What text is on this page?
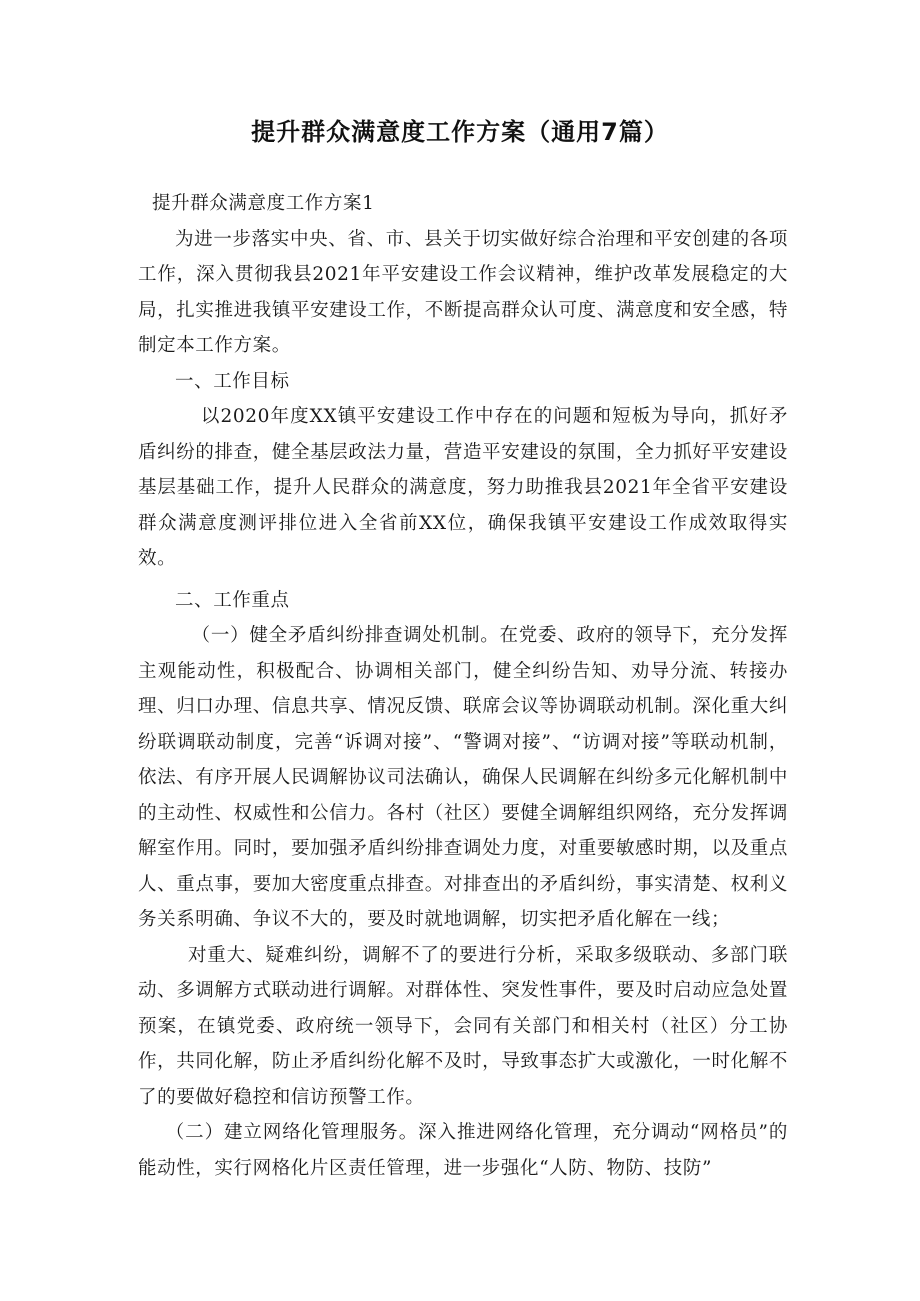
提升群众满意度工作方案（通用7篇）

提升群众满意度工作方案1

为进一步落实中央、省、市、县关于切实做好综合治理和平安创建的各项工作，深入贯彻我县2021年平安建设工作会议精神，维护改革发展稳定的大局，扎实推进我镇平安建设工作，不断提高群众认可度、满意度和安全感，特制定本工作方案。

一、工作目标

以2020年度XX镇平安建设工作中存在的问题和短板为导向，抓好矛盾纠纷的排查，健全基层政法力量，营造平安建设的氛围，全力抓好平安建设基层基础工作，提升人民群众的满意度，努力助推我县2021年全省平安建设群众满意度测评排位进入全省前XX位，确保我镇平安建设工作成效取得实效。

二、工作重点

（一）健全矛盾纠纷排查调处机制。在党委、政府的领导下，充分发挥主观能动性，积极配合、协调相关部门，健全纠纷告知、劝导分流、转接办理、归口办理、信息共享、情况反馈、联席会议等协调联动机制。深化重大纠纷联调联动制度，完善“诉调对接”、“警调对接”、“访调对接”等联动机制，依法、有序开展人民调解协议司法确认，确保人民调解在纠纷多元化解机制中的主动性、权威性和公信力。各村（社区）要健全调解组织网络，充分发挥调解室作用。同时，要加强矛盾纠纷排查调处力度，对重要敏感时期，以及重点人、重点事，要加大密度重点排查。对排查出的矛盾纠纷，事实清楚、权利义务关系明确、争议不大的，要及时就地调解，切实把矛盾化解在一线；

对重大、疑难纠纷，调解不了的要进行分析，采取多级联动、多部门联动、多调解方式联动进行调解。对群体性、突发性事件，要及时启动应急处置预案，在镇党委、政府统一领导下，会同有关部门和相关村（社区）分工协作，共同化解，防止矛盾纠纷化解不及时，导致事态扩大或激化，一时化解不了的要做好稳控和信访预警工作。

（二）建立网络化管理服务。深入推进网络化管理，充分调动“网格员”的能动性，实行网格化片区责任管理，进一步强化“人防、物防、技防”
